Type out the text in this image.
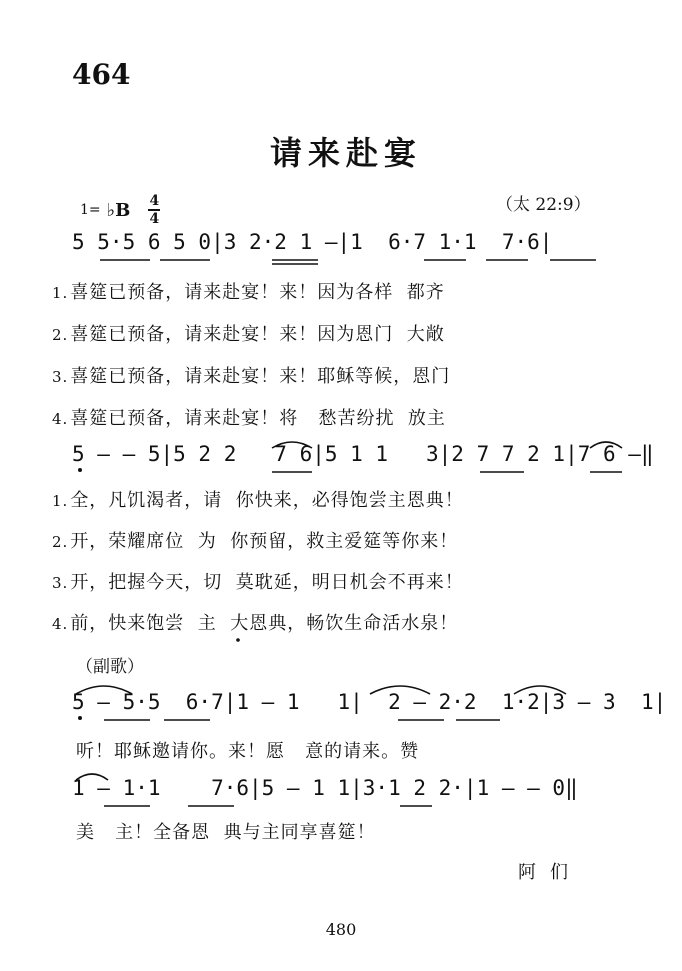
464
请来赴宴
1= ♭B 4
4
（太 22:9）
5 5·5 6 5 0|3 2·2 1 –|1  6·7 1·1  7·6|
1. 喜筵已预备，请来赴宴！来！因为各样  都齐
2. 喜筵已预备，请来赴宴！来！因为恩门  大敞
3. 喜筵已预备，请来赴宴！来！耶稣等候，恩门
4. 喜筵已预备，请来赴宴！将   愁苦纷扰  放主
5 – – 5|5 2 2   7 6|5 1 1   3|2 7 7 2 1|7 6 –‖
1. 全，凡饥渴者，请  你快来，必得饱尝主恩典！
2. 开，荣耀席位  为  你预留，救主爱筵等你来！
3. 开，把握今天，切  莫耽延，明日机会不再来！
4. 前，快来饱尝  主  大恩典，畅饮生命活水泉！
（副歌）
5 – 5·5  6·7|1 – 1   1|  2 – 2·2  1·2|3 – 3  1|
听！耶稣邀请你。来！愿   意的请来。赞
1 – 1·1    7·6|5 – 1 1|3·1 2 2·|1 – – 0‖
美   主！全备恩  典与主同享喜筵！
阿们
480
